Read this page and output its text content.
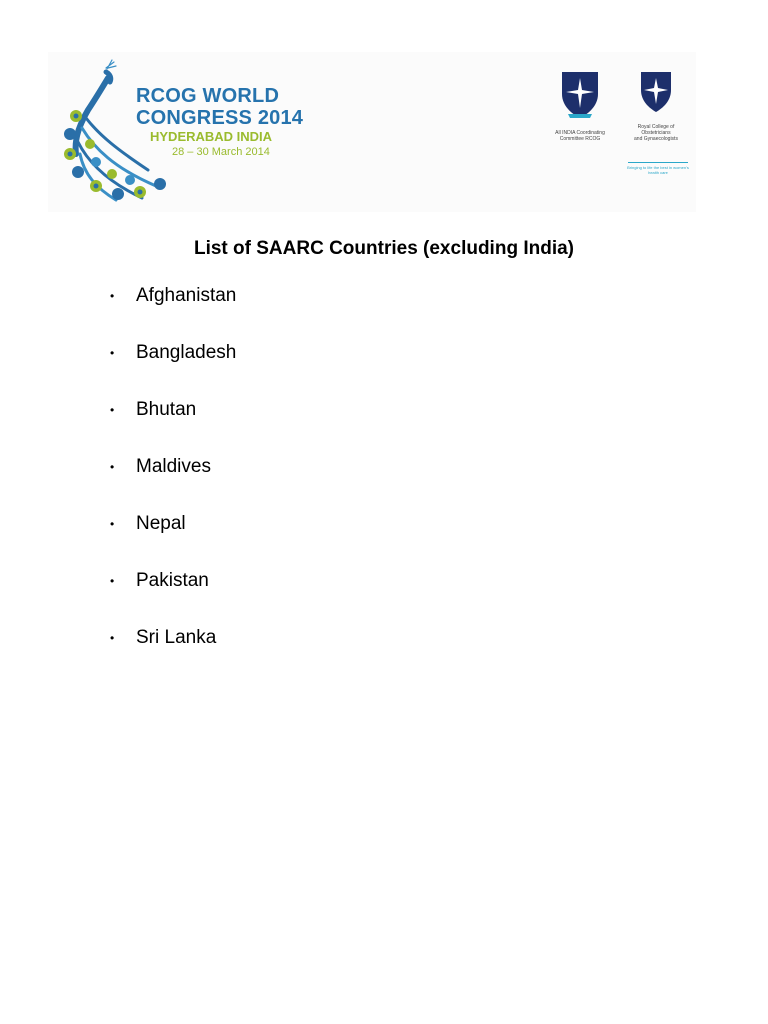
RCOG WORLD
CONGRESS 2014
HYDERABAD INDIA
28 – 30 March 2014
All INDIA Coordinating
Committee RCOG
Royal College of
Obstetricians
and Gynaecologists
Bringing to life the best in women's health care
List of SAARC Countries (excluding India)
•	Afghanistan
•	Bangladesh
•	Bhutan
•	Maldives
•	Nepal
•	Pakistan
•	Sri Lanka
